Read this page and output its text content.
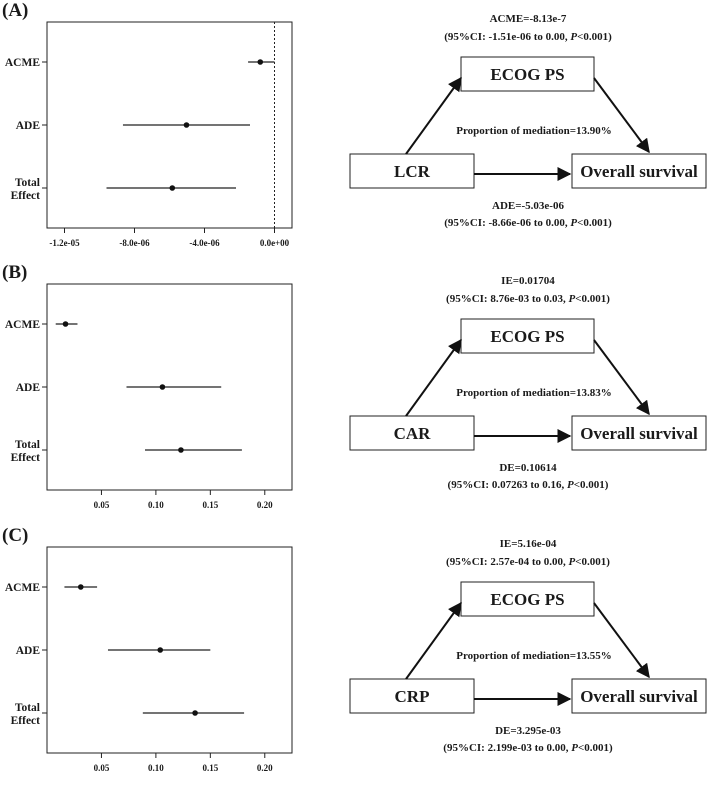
(A)
ACME
ADE
Total Effect
-1.2e-05	-8.0e-06	-4.0e-06	0.0e+00
LCR
ECOG PS
Overall survival
ACME=-8.13e-7
(95%CI: -1.51e-06 to 0.00, P<0.001)
Proportion of mediation=13.90%
ADE=-5.03e-06
(95%CI: -8.66e-06 to 0.00, P<0.001)
(B)
ACME
ADE
Total Effect
0.05	0.10	0.15	0.20
CAR
ECOG PS
Overall survival
IE=0.01704
(95%CI: 8.76e-03 to 0.03, P<0.001)
Proportion of mediation=13.83%
DE=0.10614
(95%CI: 0.07263 to 0.16, P<0.001)
(C)
ACME
ADE
Total Effect
0.05	0.10	0.15	0.20
CRP
ECOG PS
Overall survival
IE=5.16e-04
(95%CI: 2.57e-04 to 0.00, P<0.001)
Proportion of mediation=13.55%
DE=3.295e-03
(95%CI: 2.199e-03 to 0.00, P<0.001)
